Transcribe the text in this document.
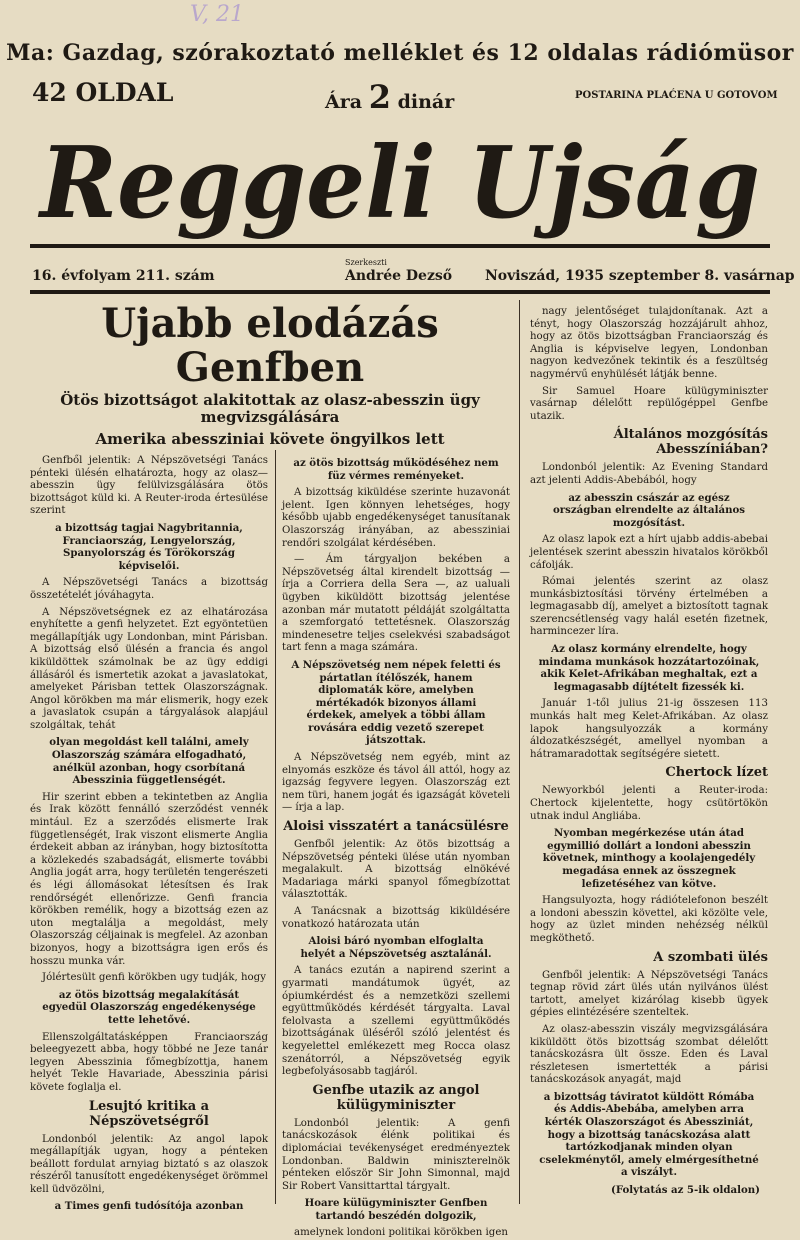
V, 21
Ma: Gazdag, szórakoztató melléklet és 12 oldalas rádiómüsor
42 OLDAL	Ára 2 dinár	POSTARINA PLAĆENA U GOTOVOM
Reggeli Ujság
16. évfolyam 211. szám
Szerkeszti
Andrée Dezső Noviszád, 1935 szeptember 8. vasárnap
Ujabb elodázás
Genfben
Ötös bizottságot alakitottak az olasz-abesszin ügy megvizsgálására
Amerika abessziniai követe öngyilkos lett

Genfből jelentik: A Népszövetségi Tanács pénteki ülésén elhatározta, hogy az olasz—abesszin ügy felülvizsgálására ötös bizottságot küld ki. A Reuter-iroda értesülése szerint

a bizottság tagjai Nagybritannia, Franciaország, Lengyelország, Spanyolország és Törökország képviselői.

A Népszövetségi Tanács a bizottság összetételét jóváhagyta.

A Népszövetségnek ez az elhatározása enyhítette a genfi helyzetet. Ezt egyöntetüen megállapítják ugy Londonban, mint Párisban. A bizottság első ülésén a francia és angol kiküldöttek számolnak be az ügy eddigi állásáról és ismertetik azokat a javaslatokat, amelyeket Párisban tettek Olaszországnak. Angol körökben ma már elismerik, hogy ezek a javaslatok csupán a tárgyalások alapjául szolgáltak, tehát

olyan megoldást kell találni, amely Olaszország számára elfogadható, anélkül azonban, hogy csorbítaná Abesszinia függetlenségét.

Hir szerint ebben a tekintetben az Anglia és Irak között fennálló szerződést vennék mintául. Ez a szerződés elismerte Irak függetlenségét, Irak viszont elismerte Anglia érdekeit abban az irányban, hogy biztosította a közlekedés szabadságát, elismerte további Anglia jogát arra, hogy területén tengerészeti és légi állomásokat létesítsen és Irak rendőrségét ellenőrizze. Genfi francia körökben remélik, hogy a bizottság ezen az uton megtalálja a megoldást, mely Olaszország céljainak is megfelel. Az azonban bizonyos, hogy a bizottságra igen erős és hosszu munka vár.

Jólértesült genfi körökben ugy tudják, hogy

az ötös bizottság megalakítását egyedül Olaszország engedékenysége tette lehetővé.

Ellenszolgáltatásképpen Franciaország beleegyezett abba, hogy többé ne Jeze tanár legyen Abesszinia főmegbízottja, hanem helyét Tekle Havariade, Abesszinia párisi követe foglalja el.

Lesujtó kritika a Népszövetségről

Londonból jelentik: Az angol lapok megállapítják ugyan, hogy a pénteken beállott fordulat arnyiag biztató s az olaszok részéről tanusított engedékenységet örömmel kell üdvözölni,

a Times genfi tudósítója azonban

az ötös bizottság működéséhez nem füz vérmes reményeket.

A bizottság kiküldése szerinte huzavonát jelent. Igen könnyen lehetséges, hogy később ujabb engedékenységet tanusítanak Olaszország irányában, az abessziniai rendőri szolgálat kérdésében.

— Ám tárgyaljon bekében a Népszövetség által kirendelt bizottság — írja a Corriera della Sera —, az ualuali ügyben kiküldött bizottság jelentése azonban már mutatott példáját szolgáltatta a szemforgató tettetésnek. Olaszország mindenesetre teljes cselekvési szabadságot tart fenn a maga számára.

A Népszövetség nem népek feletti és pártatlan ítélőszék, hanem diplomaták köre, amelyben mértékadók bizonyos állami érdekek, amelyek a többi állam rovására eddig vezető szerepet játszottak.

A Népszövetség nem egyéb, mint az elnyomás eszköze és távol áll attól, hogy az igazság fegyvere legyen. Olaszország ezt nem türi, hanem jogát és igazságát követeli — írja a lap.

Aloisi visszatért a tanácsülésre

Genfből jelentik: Az ötös bizottság a Népszövetség pénteki ülése után nyomban megalakult. A bizottság elnökévé Madariaga márki spanyol főmegbízottat választották.

A Tanácsnak a bizottság kiküldésére vonatkozó határozata után

Aloisi báró nyomban elfoglalta helyét a Népszövetség asztalánál.

A tanács ezután a napirend szerint a gyarmati mandátumok ügyét, az ópiumkérdést és a nemzetközi szellemi együttműködés kérdését tárgyalta. Laval felolvasta a szellemi együttműködés bizottságának üléséről szóló jelentést és kegyelettel emlékezett meg Rocca olasz szenátorról, a Népszövetség egyik legbefolyásosabb tagjáról.

Genfbe utazik az angol külügyminiszter

Londonból jelentik: A genfi tanácskozások élénk politikai és diplomáciai tevékenységet eredményeztek Londonban. Baldwin miniszterelnök pénteken először Sir John Simonnal, majd Sir Robert Vansittarttal tárgyalt.

Hoare külügyminiszter Genfben tartandó beszédén dolgozik,

amelynek londoni politikai körökben igen

nagy jelentőséget tulajdonítanak. Azt a tényt, hogy Olaszország hozzájárult ahhoz, hogy az ötös bizottságban Franciaország és Anglia is képviselve legyen, Londonban nagyon kedvezőnek tekintik és a feszültség nagymérvű enyhülését látják benne.

Sir Samuel Hoare külügyminiszter vasárnap délelőtt repülőgéppel Genfbe utazik.

Általános mozgósítás Abesszíniában?

Londonból jelentik: Az Evening Standard azt jelenti Addis-Abebából, hogy

az abesszin császár az egész országban elrendelte az általános mozgósítást.

Az olasz lapok ezt a hírt ujabb addis-abebai jelentések szerint abesszin hivatalos körökből cáfolják.

Római jelentés szerint az olasz munkásbiztosítási törvény értelmében a legmagasabb díj, amelyet a biztosított tagnak szerencsétlenség vagy halál esetén fizetnek, harmincezer líra.

Az olasz kormány elrendelte, hogy mindama munkások hozzátartozóinak, akik Kelet-Afrikában meghaltak, ezt a legmagasabb díjtételt fizessék ki.

Január 1-től julius 21-ig összesen 113 munkás halt meg Kelet-Afrikában. Az olasz lapok hangsulyozzák a kormány áldozatkészségét, amellyel nyomban a hátramaradottak segítségére sietett.

Chertock lízet

Newyorkból jelenti a Reuter-iroda: Chertock kijelentette, hogy csütörtökön utnak indul Angliába.

Nyomban megérkezése után átad egymillió dollárt a londoni abesszin követnek, minthogy a koolajengedély megadása ennek az összegnek lefizetéséhez van kötve.

Hangsulyozta, hogy rádiótelefonon beszélt a londoni abesszin követtel, aki közölte vele, hogy az üzlet minden nehézség nélkül megköthető.

A szombati ülés

Genfből jelentik: A Népszövetségi Tanács tegnap rövid zárt ülés után nyilvános ülést tartott, amelyet kizárólag kisebb ügyek gépies elintézésére szenteltek.

Az olasz-abesszin viszály megvizsgálására kiküldött ötös bizottság szombat délelőtt tanácskozásra ült össze. Eden és Laval részletesen ismertették a párisi tanácskozások anyagát, majd

a bizottság táviratot küldött Rómába és Addis-Abebába, amelyben arra kérték Olaszországot és Abessziniát, hogy a bizottság tanácskozása alatt tartózkodjanak minden olyan cselekménytől, amely elmérgesíthetné a viszályt.

(Folytatás az 5-ik oldalon)
